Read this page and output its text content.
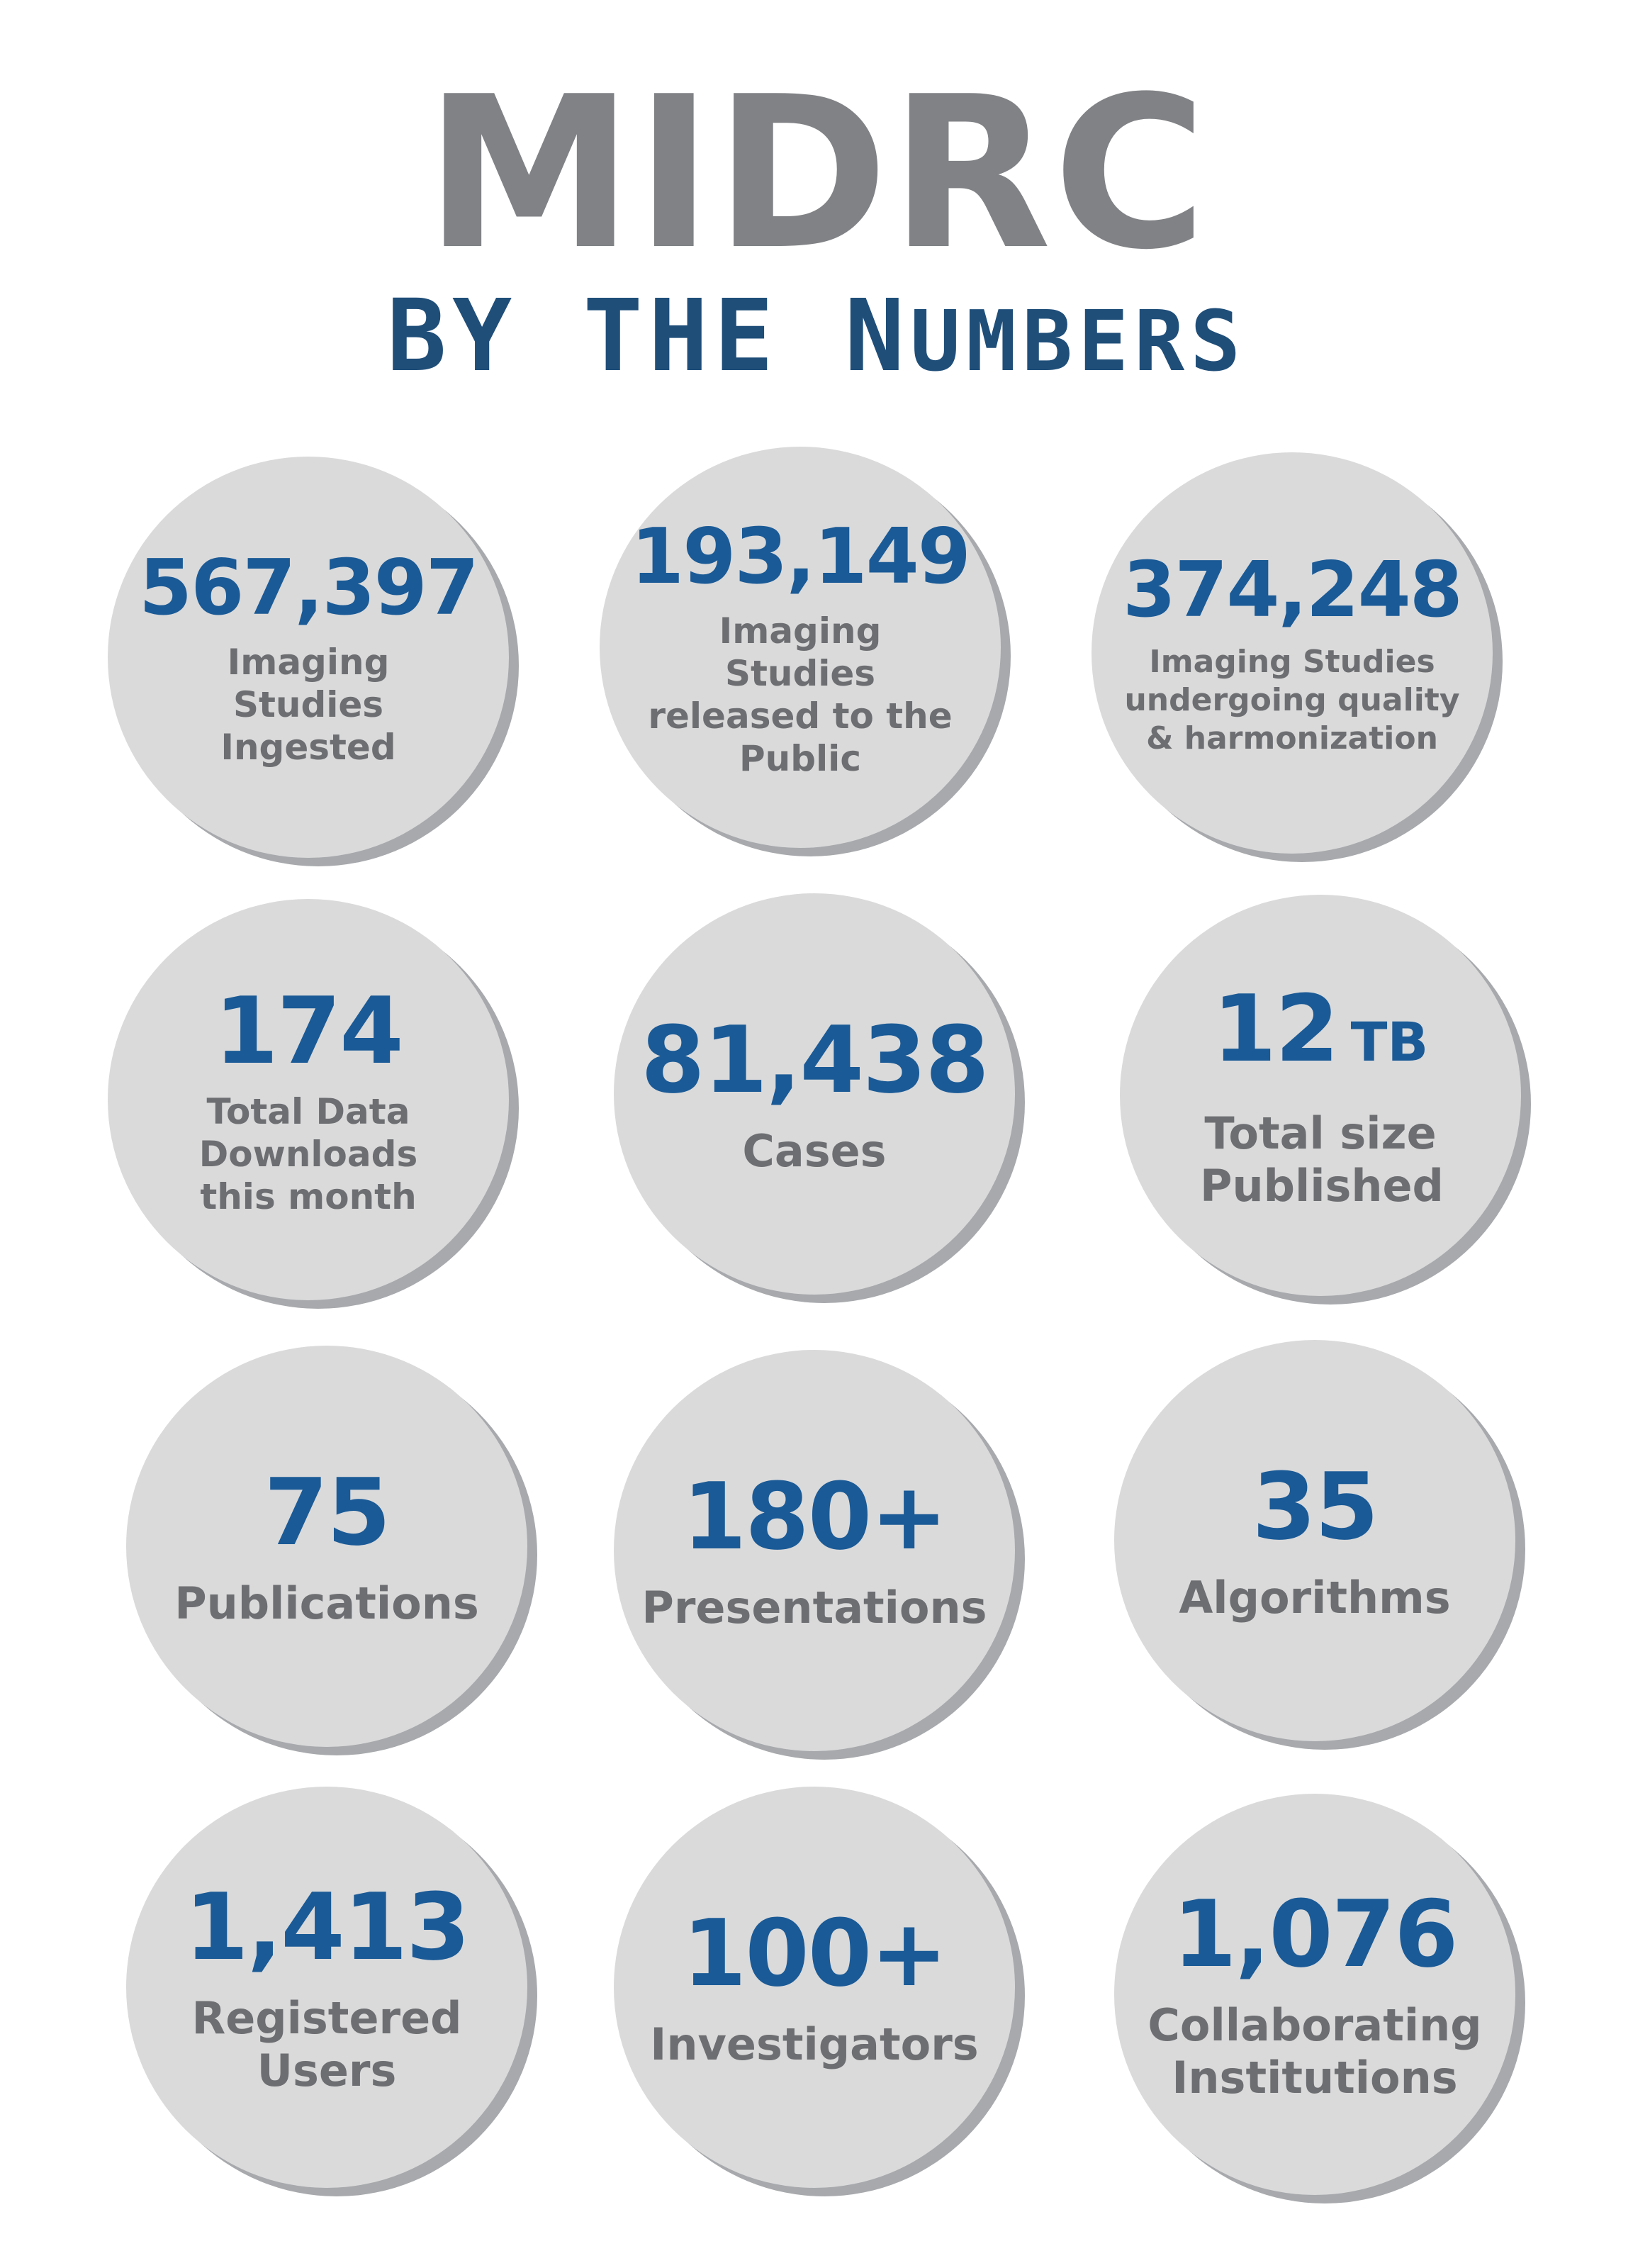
MIDRC
BY THE NUMBERS
567,397
Imaging Studies Ingested
193,149
Imaging Studies released to the Public
374,248
Imaging Studies undergoing quality & harmonization
174
Total Data Downloads this month
81,438
Cases
12 TB
Total size Published
75
Publications
180+
Presentations
35
Algorithms
1,413
Registered Users
100+
Investigators
1,076
Collaborating Institutions
